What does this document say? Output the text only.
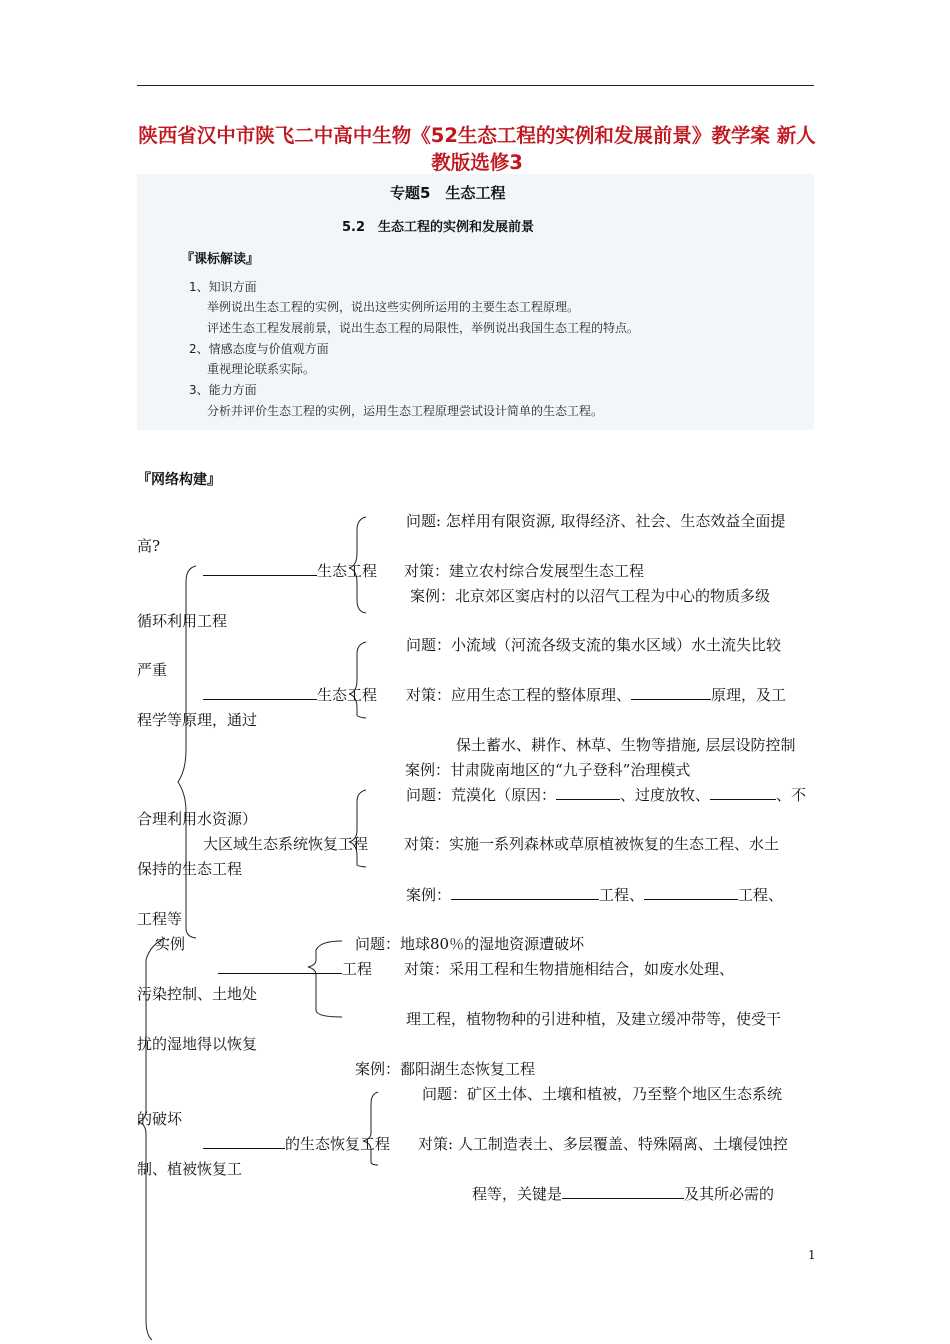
陕西省汉中市陕飞二中高中生物《52生态工程的实例和发展前景》教学案 新人教版选修3
专题5　生态工程
5.2　生态工程的实例和发展前景
『课标解读』
1、知识方面
举例说出生态工程的实例，说出这些实例所运用的主要生态工程原理。
评述生态工程发展前景，说出生态工程的局限性，举例说出我国生态工程的特点。
2、情感态度与价值观方面
重视理论联系实际。
3、能力方面
分析并评价生态工程的实例，运用生态工程原理尝试设计简单的生态工程。
『网络构建』
问题: 怎样用有限资源, 取得经济、社会、生态效益全面提
高?
生态工程 对策：建立农村综合发展型生态工程
案例：北京郊区窦店村的以沼气工程为中心的物质多级
循环利用工程
问题：小流域（河流各级支流的集水区域）水土流失比较
严重
生态工程 对策：应用生态工程的整体原理、	原理，及工
程学等原理，通过
保土蓄水、耕作、林草、生物等措施, 层层设防控制
案例：甘肃陇南地区的“九子登科”治理模式
问题：荒漠化（原因：	、过度放牧、	、不
合理利用水资源）
大区域生态系统恢复工程 对策：实施一系列森林或草原植被恢复的生态工程、水土
保持的生态工程
案例：	工程、	工程、
工程等
实例	问题：地球80％的湿地资源遭破坏
工程 对策：采用工程和生物措施相结合，如废水处理、
污染控制、土地处
理工程，植物物种的引进种植，及建立缓冲带等，使受干
扰的湿地得以恢复
案例：鄱阳湖生态恢复工程
问题：矿区土体、土壤和植被，乃至整个地区生态系统
的破坏
的生态恢复工程 对策: 人工制造表土、多层覆盖、特殊隔离、土壤侵蚀控
制、植被恢复工
程等，关键是	及其所必需的
1
